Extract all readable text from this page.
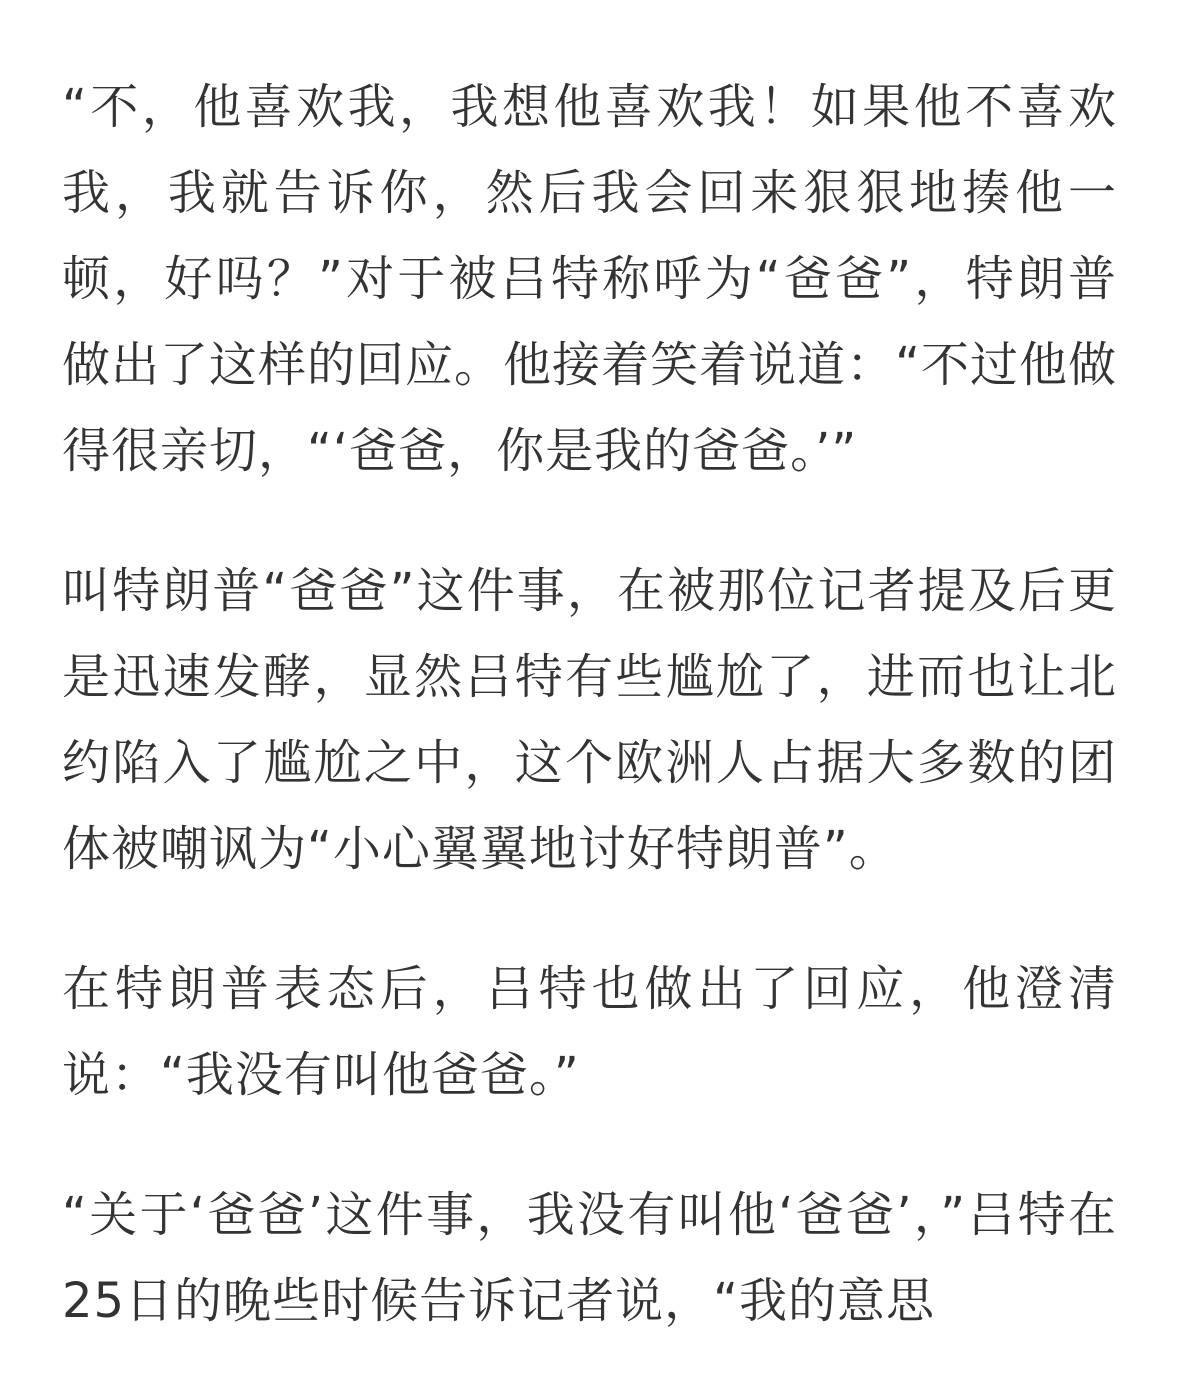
“不，他喜欢我，我想他喜欢我！如果他不喜欢我，我就告诉你，然后我会回来狠狠地揍他一顿，好吗？”对于被吕特称呼为“爸爸”，特朗普做出了这样的回应。他接着笑着说道：“不过他做得很亲切，“‘爸爸，你是我的爸爸。’”

叫特朗普“爸爸”这件事，在被那位记者提及后更是迅速发酵，显然吕特有些尴尬了，进而也让北约陷入了尴尬之中，这个欧洲人占据大多数的团体被嘲讽为“小心翼翼地讨好特朗普”。

在特朗普表态后，吕特也做出了回应，他澄清说：“我没有叫他爸爸。”

“关于‘爸爸’这件事，我没有叫他‘爸爸’，”吕特在25日的晚些时候告诉记者说，“我的意思
